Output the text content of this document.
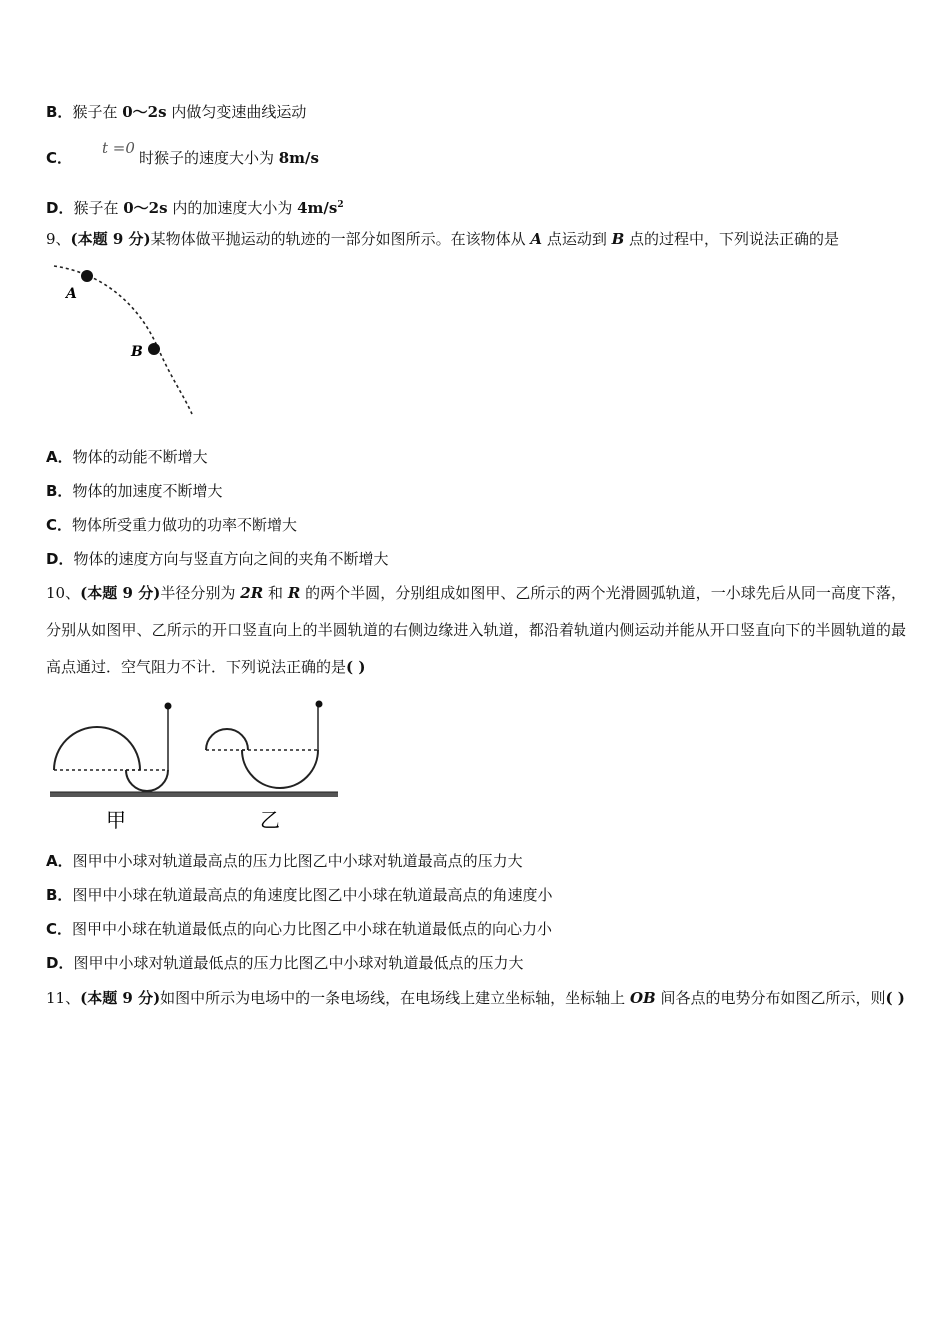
B．猴子在 0～2s 内做匀变速曲线运动
C．t =0时猴子的速度大小为 8m/s
D．猴子在 0～2s 内的加速度大小为 $4m/s^2$
9、(本题 9 分)某物体做平抛运动的轨迹的一部分如图所示。在该物体从 A 点运动到 B 点的过程中，下列说法正确的是
A
B
A．物体的动能不断增大
B．物体的加速度不断增大
C．物体所受重力做功的功率不断增大
D．物体的速度方向与竖直方向之间的夹角不断增大
10、(本题 9 分)半径分别为 2R 和 R 的两个半圆，分别组成如图甲、乙所示的两个光滑圆弧轨道，一小球先后从同一高度下落，分别从如图甲、乙所示的开口竖直向上的半圆轨道的右侧边缘进入轨道，都沿着轨道内侧运动并能从开口竖直向下的半圆轨道的最高点通过．空气阻力不计．下列说法正确的是( )
甲	乙
A．图甲中小球对轨道最高点的压力比图乙中小球对轨道最高点的压力大
B．图甲中小球在轨道最高点的角速度比图乙中小球在轨道最高点的角速度小
C．图甲中小球在轨道最低点的向心力比图乙中小球在轨道最低点的向心力小
D．图甲中小球对轨道最低点的压力比图乙中小球对轨道最低点的压力大
11、(本题 9 分)如图中所示为电场中的一条电场线，在电场线上建立坐标轴，坐标轴上 OB 间各点的电势分布如图乙所示，则( )
